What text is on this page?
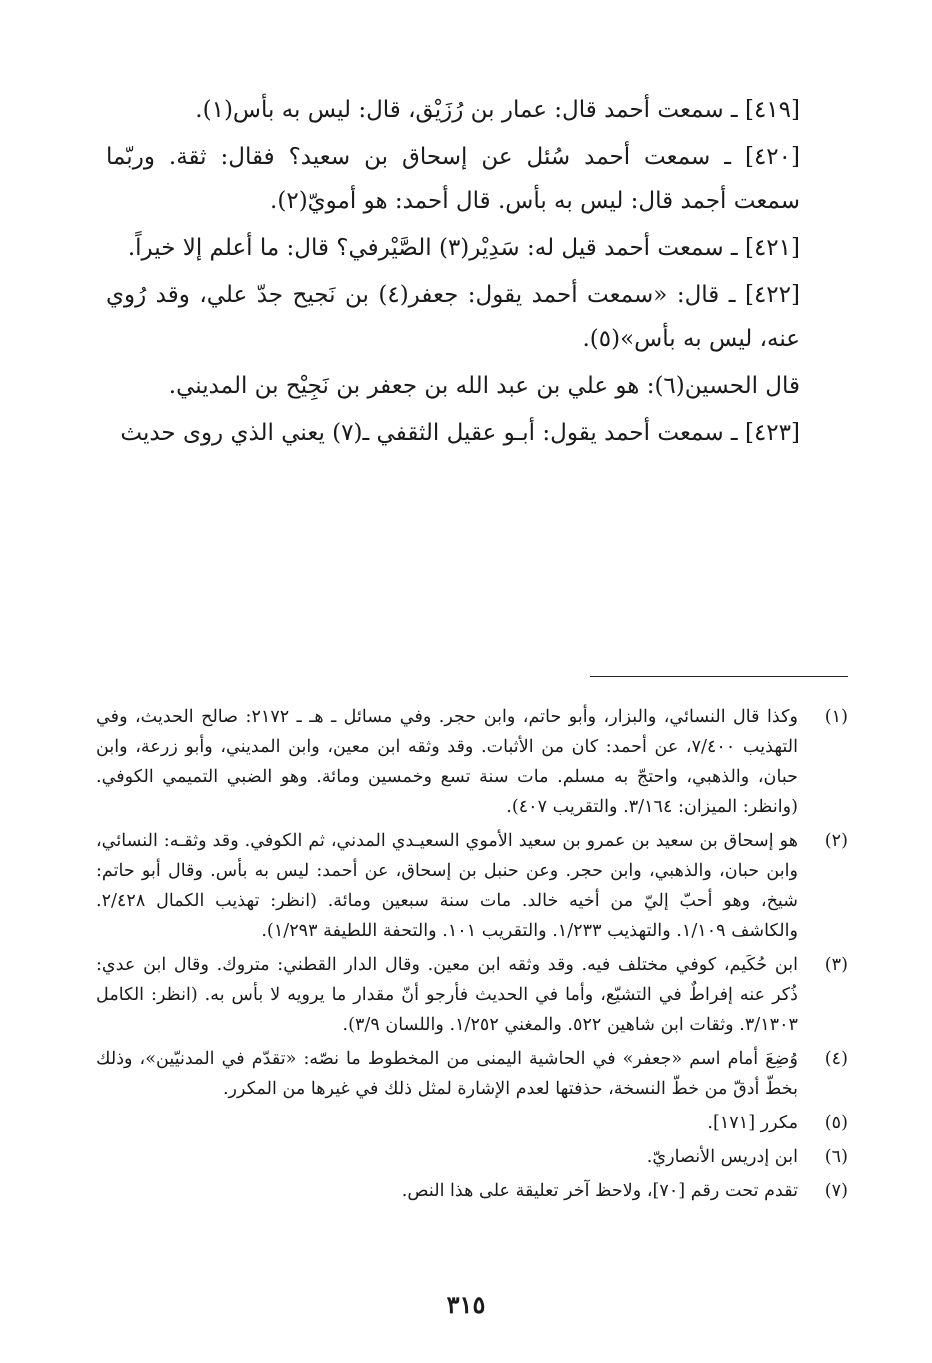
[٤١٩] ـ سمعت أحمد قال: عمار بن رُزَيْق، قال: ليس به بأس(١).

[٤٢٠] ـ سمعت أحمد سُئل عن إسحاق بن سعيد؟ فقال: ثقة. وربّما سمعت أجمد قال: ليس به بأس. قال أحمد: هو أمويّ(٢).

[٤٢١] ـ سمعت أحمد قيل له: سَدِيْر(٣) الصَّيْرفي؟ قال: ما أعلم إلا خيراً.

[٤٢٢] ـ قال: «سمعت أحمد يقول: جعفر(٤) بن نَجيح جدّ علي، وقد رُوي عنه، ليس به بأس»(٥).

قال الحسين(٦): هو علي بن عبد الله بن جعفر بن نَجِيْح بن المديني.

[٤٢٣] ـ سمعت أحمد يقول: أبـو عقيل الثقفي ـ(٧) يعني الذي روى حديث

(١)
وكذا قال النسائي، والبزار، وأبو حاتم، وابن حجر. وفي مسائل ـ هـ ـ ٢١٧٢: صالح الحديث، وفي التهذيب ٧/٤٠٠، عن أحمد: كان من الأثبات. وقد وثقه ابن معين، وابن المديني، وأبو زرعة، وابن حبان، والذهبي، واحتجّ به مسلم. مات سنة تسع وخمسين ومائة. وهو الضبي التميمي الكوفي. (وانظر: الميزان: ٣/١٦٤. والتقريب ٤٠٧).
(٢)
هو إسحاق بن سعيد بن عمرو بن سعيد الأموي السعيـدي المدني، ثم الكوفي. وقد وثقـه: النسائي، وابن حبان، والذهبي، وابن حجر. وعن حنبل بن إسحاق، عن أحمد: ليس به بأس. وقال أبو حاتم: شيخ، وهو أحبّ إليّ من أخيه خالد. مات سنة سبعين ومائة. (انظر: تهذيب الكمال ٢/٤٢٨. والكاشف ١/١٠٩. والتهذيب ١/٢٣٣. والتقريب ١٠١. والتحفة اللطيفة ١/٢٩٣).
(٣)
ابن حُكَيم، كوفي مختلف فيه. وقد وثقه ابن معين. وقال الدار القطني: متروك. وقال ابن عدي: ذُكر عنه إفراطٌ في التشيّع، وأما في الحديث فأرجو أنّ مقدار ما يرويه لا بأس به. (انظر: الكامل ٣/١٣٠٣. وثقات ابن شاهين ٥٢٢. والمغني ١/٢٥٢. واللسان ٣/٩).
(٤)
وُضِعَ أمام اسم «جعفر» في الحاشية اليمنى من المخطوط ما نصّه: «تقدّم في المدنيّين»، وذلك بخطّ أدقّ من خطّ النسخة، حذفتها لعدم الإشارة لمثل ذلك في غيرها من المكرر.
(٥)
مكرر [١٧١].
(٦)
ابن إدريس الأنصاريّ.
(٧)
تقدم تحت رقم [٧٠]، ولاحظ آخر تعليقة على هذا النص.
٣١٥
